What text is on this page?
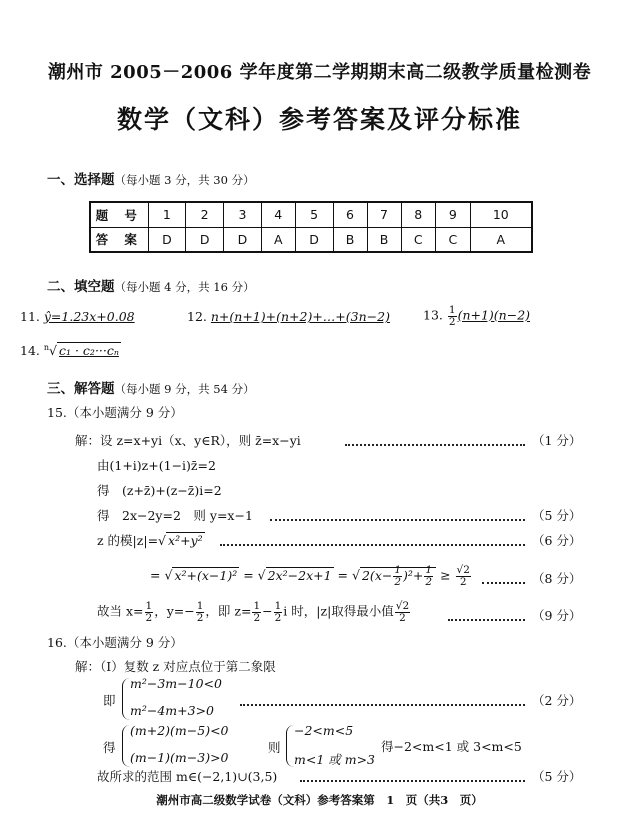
潮州市 2005－2006 学年度第二学期期末高二级教学质量检测卷
数学（文科）参考答案及评分标准
一、选择题（每小题 3 分，共 30 分）
题 号	1	2	3	4	5	6	7	8	9	10
答 案	D	D	D	A	D	B	B	C	C	A
二、填空题（每小题 4 分，共 16 分）
11. ŷ=1.23x+0.08	12. n+(n+1)+(n+2)+…+(3n−2)	13. $\frac{1}{2} (n+1)(n-2)$
14. $^n$√ c₁ · c₂···cₙ
三、解答题（每小题 9 分，共 54 分）
15.（本小题满分 9 分）
解：设 z=x+yi（x、y∈R），则 z̄=x−yi	（1 分）
由(1+i)z+(1−i)z̄=2
得　(z+z̄)+(z−z̄)i=2
得　2x−2y=2　则 y=x−1	（5 分）
z 的模|z|=√ x²+y²	（6 分）
= √ x²+(x−1)² = √ 2x²−2x+1 = √ $2(x- \frac{1}{2} )^2+ \frac{1}{2} \ge \frac{√2}{2}$	（8 分）
故当 $x= \frac{1}{2}$ ，$y=- \frac{1}{2}$ ，即 $z= \frac{1}{2} - \frac{1}{2}$ i 时，|z|取得最小值 $\frac{√2}{2}$	（9 分）
16.（本小题满分 9 分）
解：（Ⅰ）复数 z 对应点位于第二象限
即
m²−3m−10<0
m²−4m+3>0
（2 分）
得
(m+2)(m−5)<0
(m−1)(m−3)>0
则
−2<m<5
m<1 或 m>3
得−2<m<1 或 3<m<5
故所求的范围 m∈(−2,1)∪(3,5)	（5 分）
潮州市高二级数学试卷（文科）参考答案第　1　页（共3　页）
